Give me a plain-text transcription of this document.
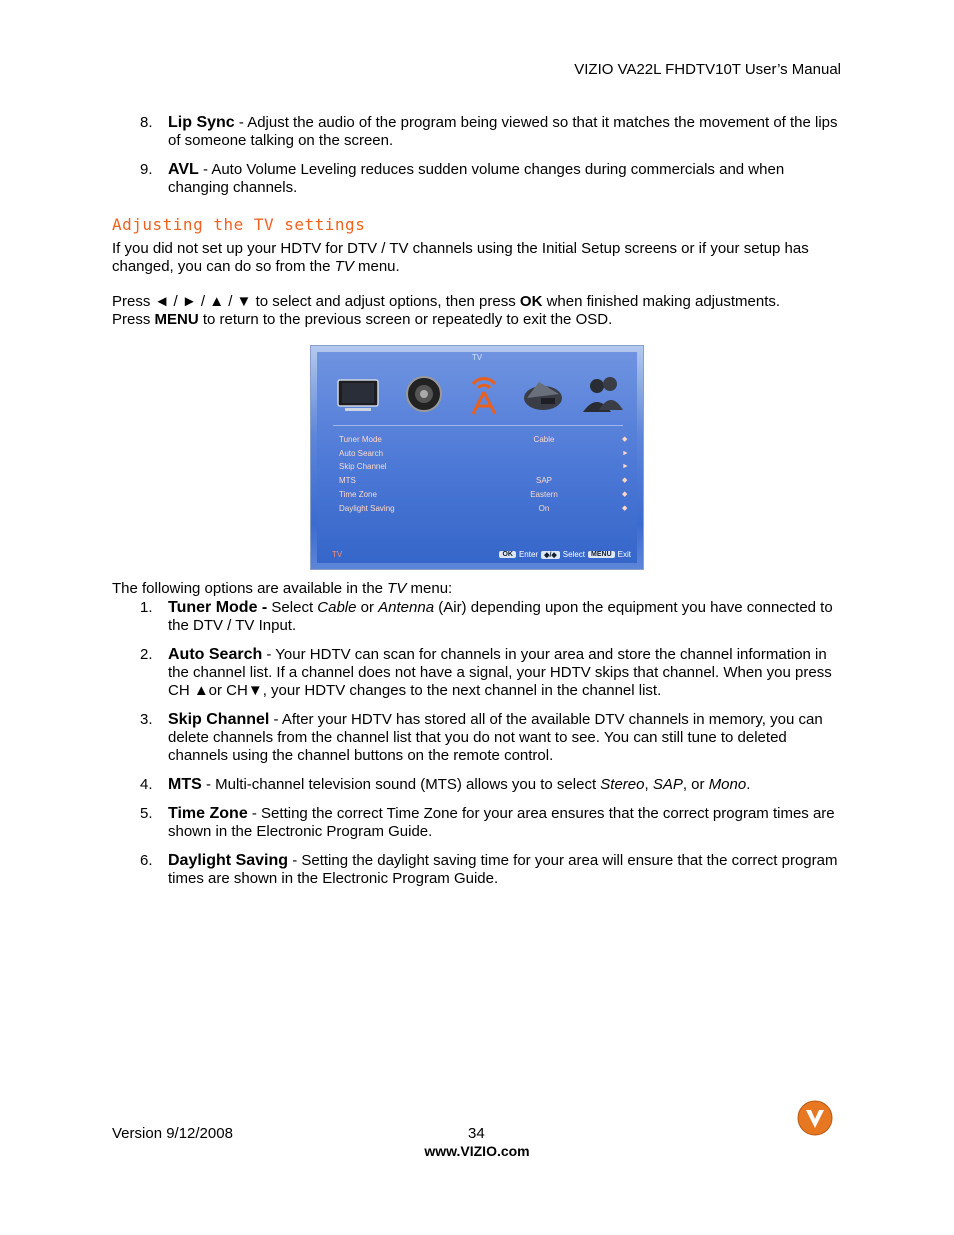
VIZIO VA22L FHDTV10T User’s Manual
8. Lip Sync - Adjust the audio of the program being viewed so that it matches the movement of the lips of someone talking on the screen.
9. AVL - Auto Volume Leveling reduces sudden volume changes during commercials and when changing channels.
Adjusting the TV settings
If you did not set up your HDTV for DTV / TV channels using the Initial Setup screens or if your setup has changed, you can do so from the TV menu.
Press ◄ / ► / ▲ / ▼ to select and adjust options, then press OK when finished making adjustments.
Press MENU to return to the previous screen or repeatedly to exit the OSD.
TV
Tuner Mode
Auto Search
Skip Channel
MTS
Time Zone
Daylight Saving
Cable

SAP
Eastern
On
◆
►
►
◆
◆
◆
TV	OK Enter ◆/◆ Select MENU Exit
The following options are available in the TV menu:
1. Tuner Mode - Select Cable or Antenna (Air) depending upon the equipment you have connected to the DTV / TV Input.
2. Auto Search - Your HDTV can scan for channels in your area and store the channel information in the channel list. If a channel does not have a signal, your HDTV skips that channel. When you press CH ▲or CH▼, your HDTV changes to the next channel in the channel list.
3. Skip Channel - After your HDTV has stored all of the available DTV channels in memory, you can delete channels from the channel list that you do not want to see. You can still tune to deleted channels using the channel buttons on the remote control.
4. MTS - Multi-channel television sound (MTS) allows you to select Stereo, SAP, or Mono.
5. Time Zone - Setting the correct Time Zone for your area ensures that the correct program times are shown in the Electronic Program Guide.
6. Daylight Saving - Setting the daylight saving time for your area will ensure that the correct program times are shown in the Electronic Program Guide.
Version 9/12/2008	34
www.VIZIO.com
